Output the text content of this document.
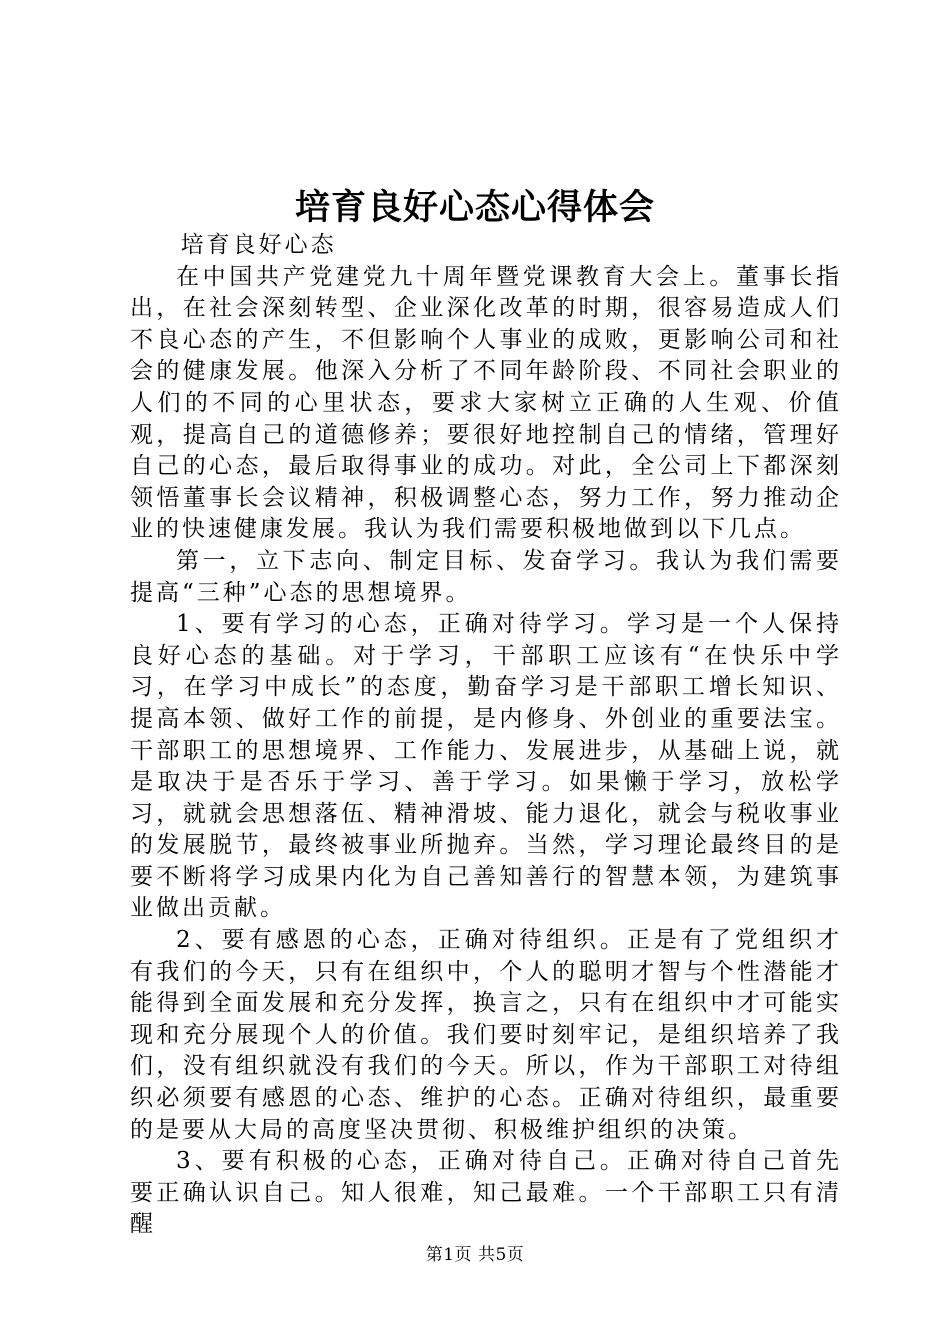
培育良好心态心得体会

培育良好心态

在中国共产党建党九十周年暨党课教育大会上。董事长指出，在社会深刻转型、企业深化改革的时期，很容易造成人们不良心态的产生，不但影响个人事业的成败，更影响公司和社会的健康发展。他深入分析了不同年龄阶段、不同社会职业的人们的不同的心里状态，要求大家树立正确的人生观、价值观，提高自己的道德修养；要很好地控制自己的情绪，管理好自己的心态，最后取得事业的成功。对此，全公司上下都深刻领悟董事长会议精神，积极调整心态，努力工作，努力推动企业的快速健康发展。我认为我们需要积极地做到以下几点。

第一，立下志向、制定目标、发奋学习。我认为我们需要提高“三种”心态的思想境界。

1、要有学习的心态，正确对待学习。学习是一个人保持良好心态的基础。对于学习，干部职工应该有“在快乐中学习，在学习中成长”的态度，勤奋学习是干部职工增长知识、提高本领、做好工作的前提，是内修身、外创业的重要法宝。干部职工的思想境界、工作能力、发展进步，从基础上说，就是取决于是否乐于学习、善于学习。如果懒于学习，放松学习，就就会思想落伍、精神滑坡、能力退化，就会与税收事业的发展脱节，最终被事业所抛弃。当然，学习理论最终目的是要不断将学习成果内化为自己善知善行的智慧本领，为建筑事业做出贡献。

2、要有感恩的心态，正确对待组织。正是有了党组织才有我们的今天，只有在组织中，个人的聪明才智与个性潜能才能得到全面发展和充分发挥，换言之，只有在组织中才可能实现和充分展现个人的价值。我们要时刻牢记，是组织培养了我们，没有组织就没有我们的今天。所以，作为干部职工对待组织必须要有感恩的心态、维护的心态。正确对待组织，最重要的是要从大局的高度坚决贯彻、积极维护组织的决策。

3、要有积极的心态，正确对待自己。正确对待自己首先要正确认识自己。知人很难，知己最难。一个干部职工只有清醒

第1页 共5页
